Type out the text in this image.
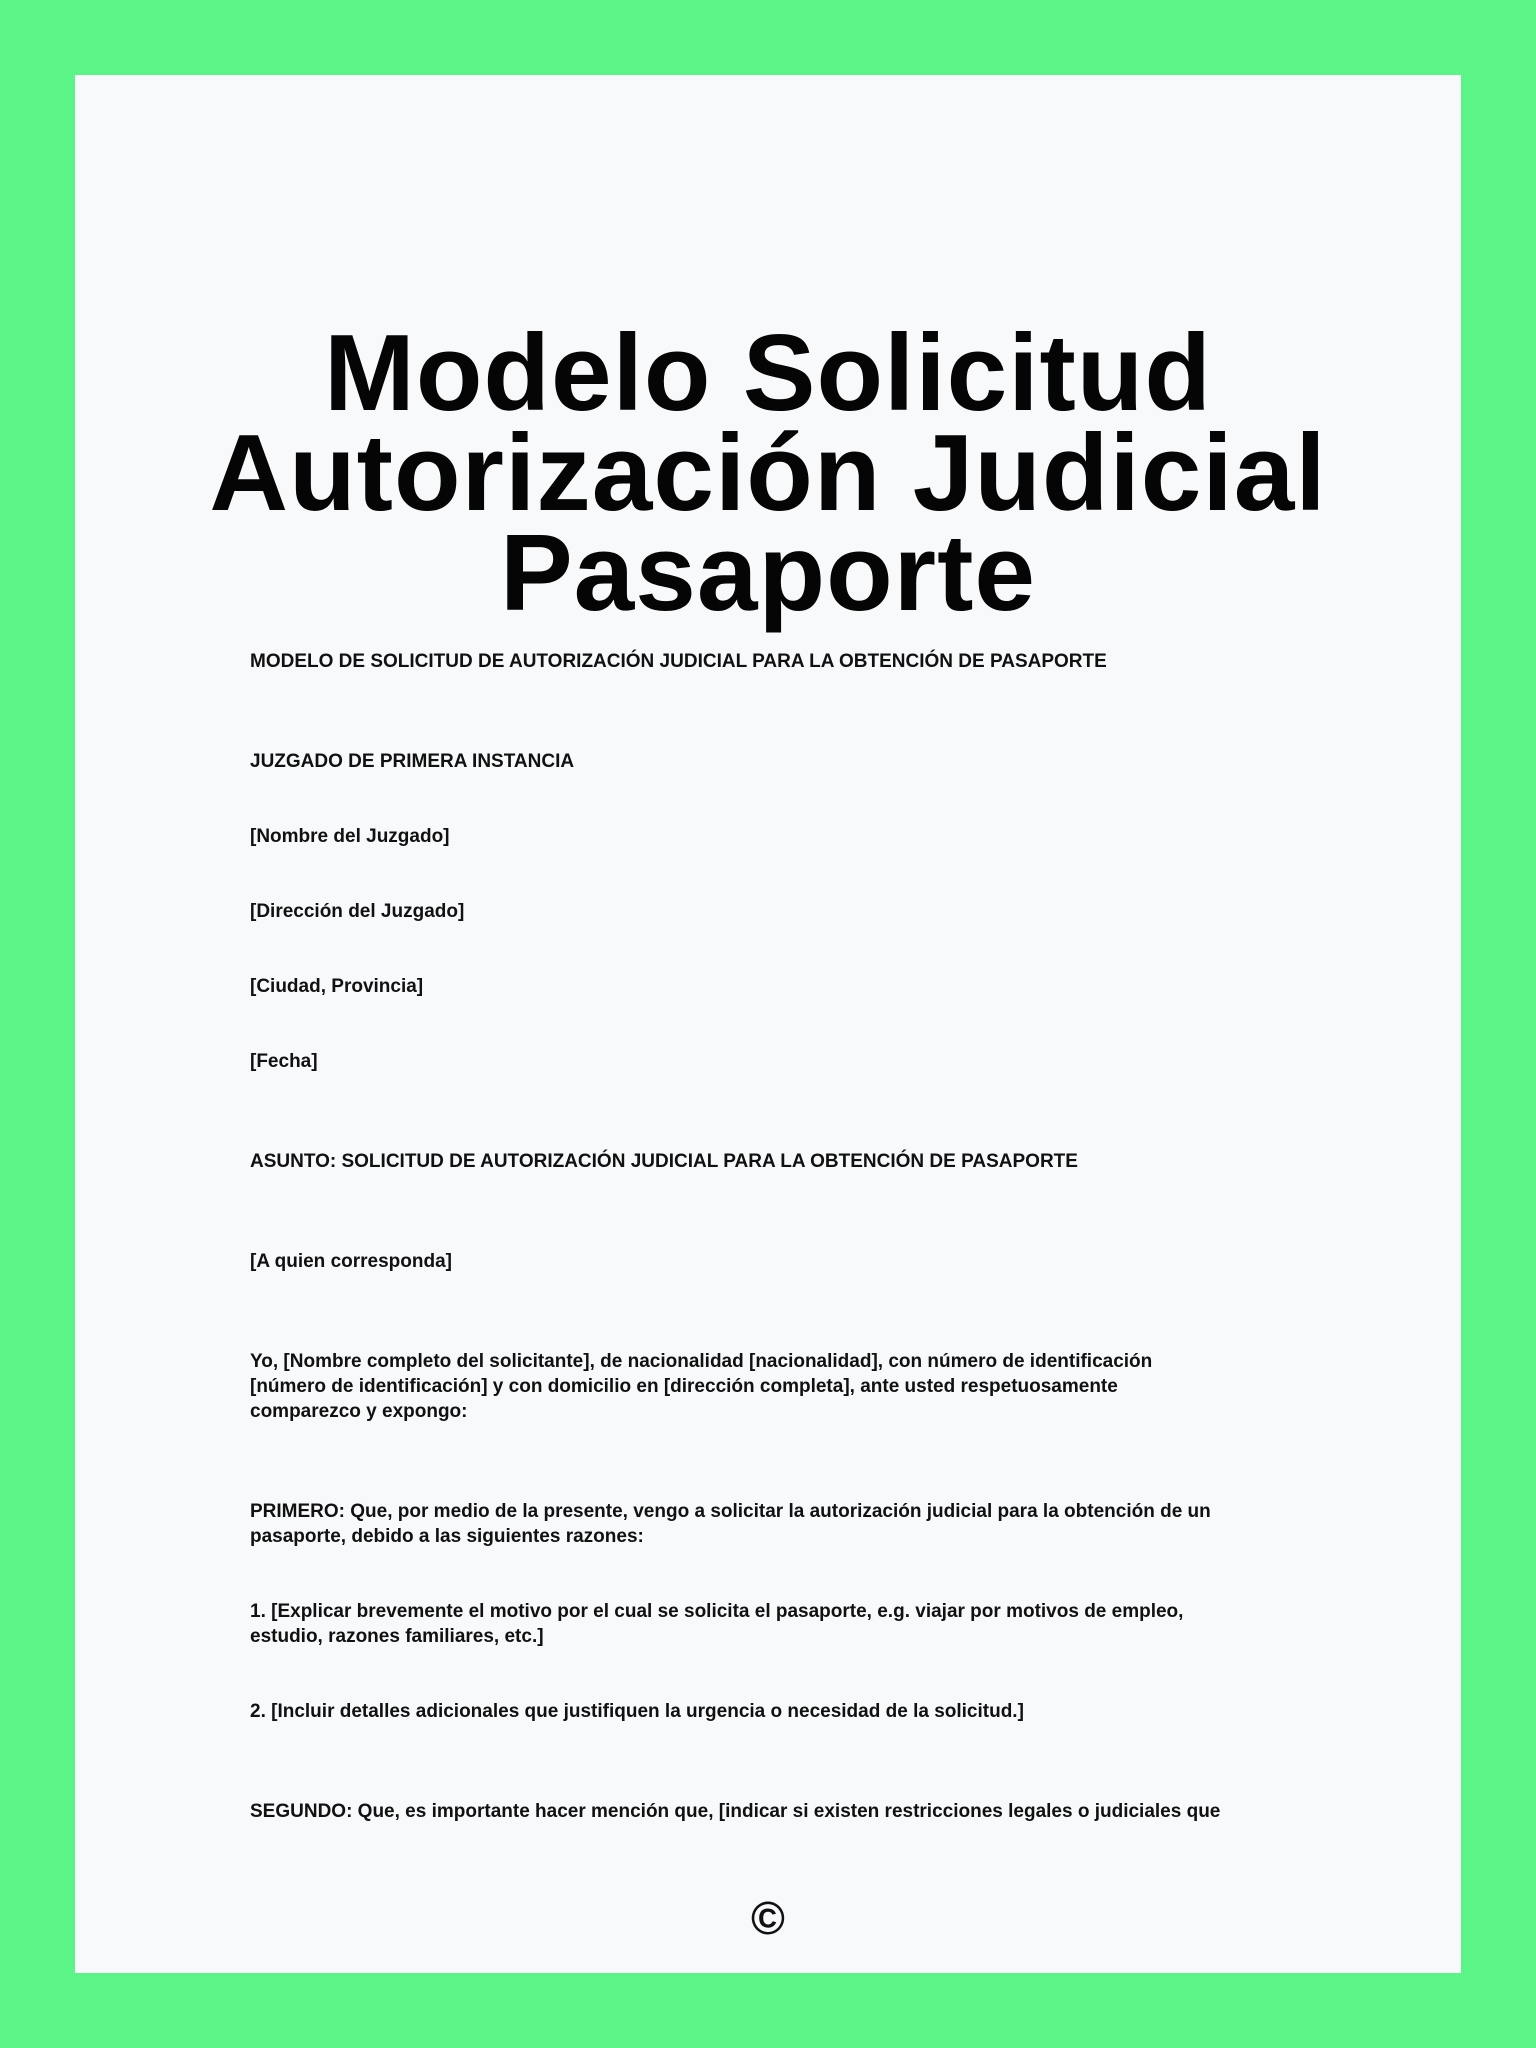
Modelo Solicitud
Autorización Judicial
Pasaporte

MODELO DE SOLICITUD DE AUTORIZACIÓN JUDICIAL PARA LA OBTENCIÓN DE PASAPORTE

JUZGADO DE PRIMERA INSTANCIA

[Nombre del Juzgado]

[Dirección del Juzgado]

[Ciudad, Provincia]

[Fecha]

ASUNTO: SOLICITUD DE AUTORIZACIÓN JUDICIAL PARA LA OBTENCIÓN DE PASAPORTE

[A quien corresponda]

Yo, [Nombre completo del solicitante], de nacionalidad [nacionalidad], con número de identificación

[número de identificación] y con domicilio en [dirección completa], ante usted respetuosamente

comparezco y expongo:

PRIMERO: Que, por medio de la presente, vengo a solicitar la autorización judicial para la obtención de un

pasaporte, debido a las siguientes razones:

1. [Explicar brevemente el motivo por el cual se solicita el pasaporte, e.g. viajar por motivos de empleo,

estudio, razones familiares, etc.]

2. [Incluir detalles adicionales que justifiquen la urgencia o necesidad de la solicitud.]

SEGUNDO: Que, es importante hacer mención que, [indicar si existen restricciones legales o judiciales que

©
